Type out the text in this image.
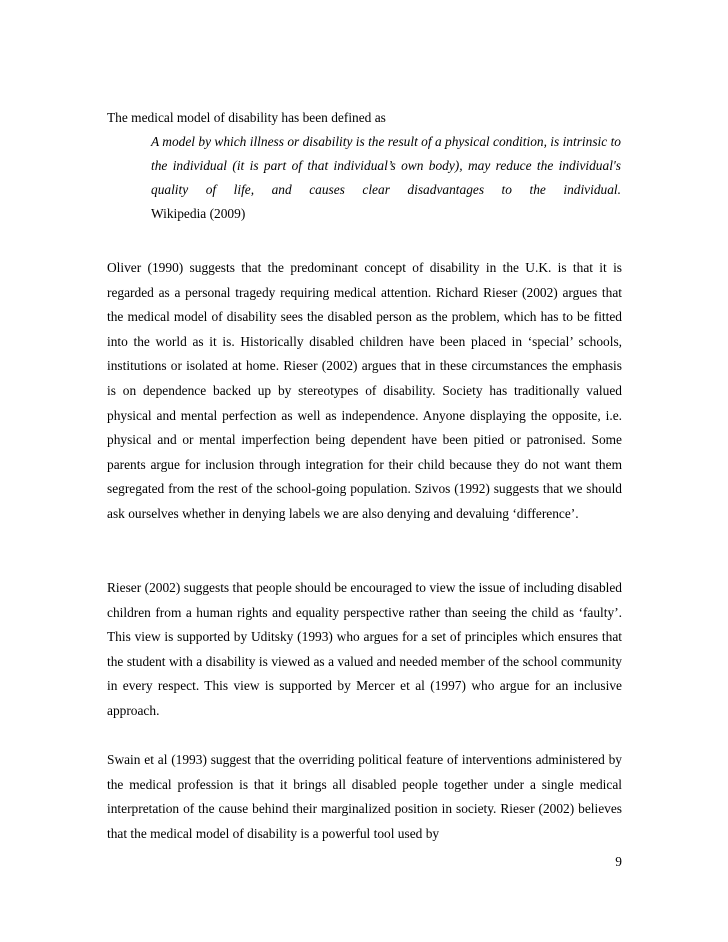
The medical model of disability has been defined as

A model by which illness or disability is the result of a physical condition, is intrinsic to the individual (it is part of that individual’s own body), may reduce the individual's quality of life, and causes clear disadvantages to the individual.
Wikipedia (2009)

Oliver (1990) suggests that the predominant concept of disability in the U.K. is that it is regarded as a personal tragedy requiring medical attention. Richard Rieser (2002) argues that the medical model of disability sees the disabled person as the problem, which has to be fitted into the world as it is. Historically disabled children have been placed in ‘special’ schools, institutions or isolated at home. Rieser (2002) argues that in these circumstances the emphasis is on dependence backed up by stereotypes of disability. Society has traditionally valued physical and mental perfection as well as independence. Anyone displaying the opposite, i.e. physical and or mental imperfection being dependent have been pitied or patronised. Some parents argue for inclusion through integration for their child because they do not want them segregated from the rest of the school-going population. Szivos (1992) suggests that we should ask ourselves whether in denying labels we are also denying and devaluing ‘difference’.

Rieser (2002) suggests that people should be encouraged to view the issue of including disabled children from a human rights and equality perspective rather than seeing the child as ‘faulty’. This view is supported by Uditsky (1993) who argues for a set of principles which ensures that the student with a disability is viewed as a valued and needed member of the school community in every respect. This view is supported by Mercer et al (1997) who argue for an inclusive approach.

Swain et al (1993) suggest that the overriding political feature of interventions administered by the medical profession is that it brings all disabled people together under a single medical interpretation of the cause behind their marginalized position in society. Rieser (2002) believes that the medical model of disability is a powerful tool used by

9
